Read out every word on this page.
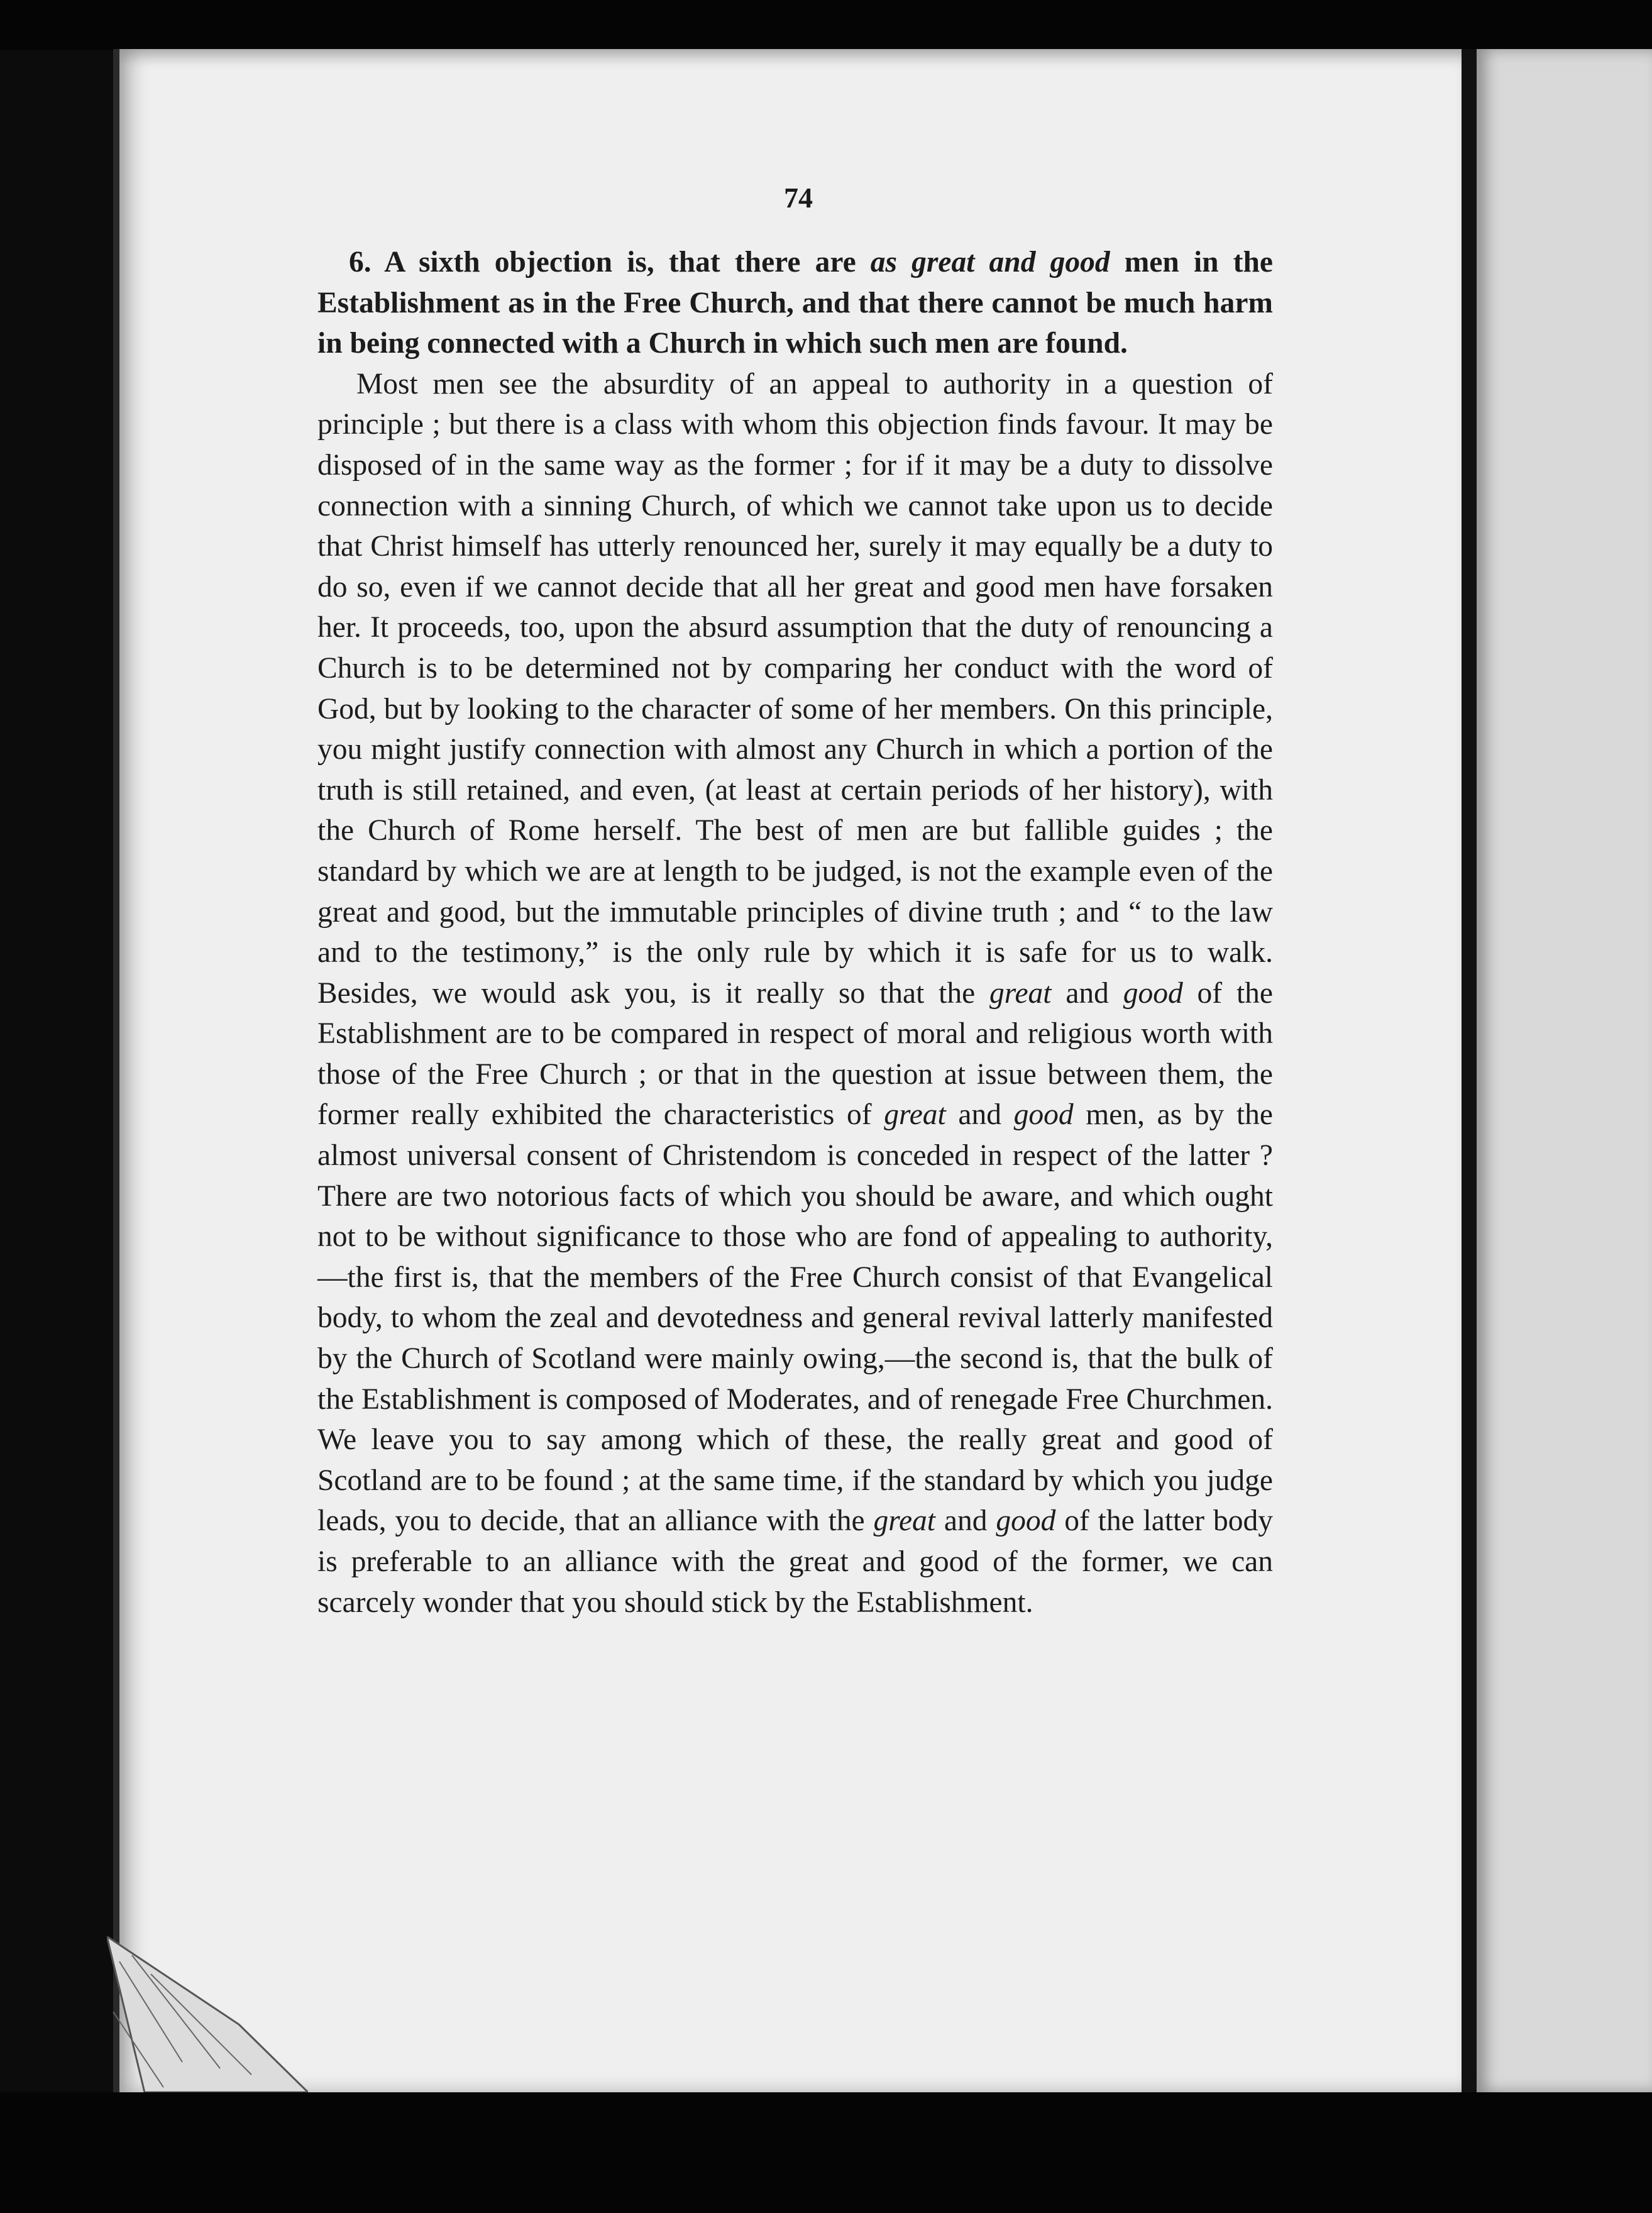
74

6. A sixth objection is, that there are as great and good men in the Establishment as in the Free Church, and that there cannot be much harm in being connected with a Church in which such men are found.

Most men see the absurdity of an appeal to authority in a question of principle ; but there is a class with whom this objection finds favour. It may be disposed of in the same way as the former ; for if it may be a duty to dissolve connection with a sinning Church, of which we cannot take upon us to decide that Christ himself has utterly renounced her, surely it may equally be a duty to do so, even if we cannot decide that all her great and good men have forsaken her. It proceeds, too, upon the absurd assumption that the duty of renouncing a Church is to be determined not by comparing her conduct with the word of God, but by looking to the character of some of her members. On this principle, you might justify connection with almost any Church in which a portion of the truth is still retained, and even, (at least at certain periods of her history), with the Church of Rome herself. The best of men are but fallible guides ; the standard by which we are at length to be judged, is not the example even of the great and good, but the immutable principles of divine truth ; and “ to the law and to the testimony,” is the only rule by which it is safe for us to walk. Besides, we would ask you, is it really so that the great and good of the Establishment are to be compared in respect of moral and religious worth with those of the Free Church ; or that in the question at issue between them, the former really exhibited the characteristics of great and good men, as by the almost universal consent of Christendom is conceded in respect of the latter ? There are two notorious facts of which you should be aware, and which ought not to be without significance to those who are fond of appealing to authority,—the first is, that the members of the Free Church consist of that Evangelical body, to whom the zeal and devotedness and general revival latterly manifested by the Church of Scotland were mainly owing,—the second is, that the bulk of the Establishment is composed of Moderates, and of renegade Free Churchmen. We leave you to say among which of these, the really great and good of Scotland are to be found ; at the same time, if the standard by which you judge leads, you to decide, that an alliance with the great and good of the latter body is preferable to an alliance with the great and good of the former, we can scarcely wonder that you should stick by the Establishment.
